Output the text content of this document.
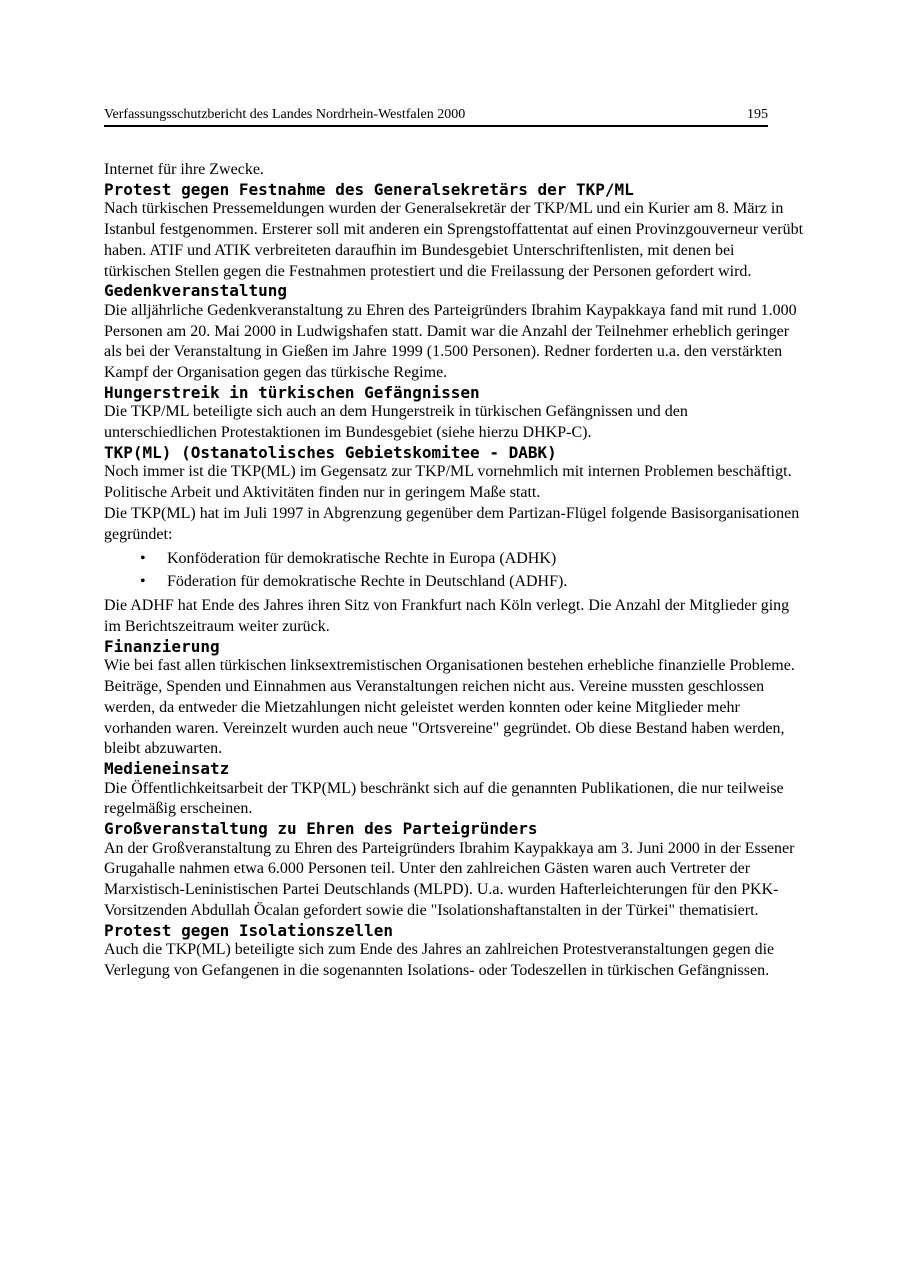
Verfassungsschutzbericht des Landes Nordrhein-Westfalen 2000	195

Internet für ihre Zwecke.

Protest gegen Festnahme des Generalsekretärs der TKP/ML

Nach türkischen Pressemeldungen wurden der Generalsekretär der TKP/ML und ein Kurier am 8. März in Istanbul festgenommen. Ersterer soll mit anderen ein Sprengstoffattentat auf einen Provinzgouverneur verübt haben. ATIF und ATIK verbreiteten daraufhin im Bundesgebiet Unterschriftenlisten, mit denen bei türkischen Stellen gegen die Festnahmen protestiert und die Freilassung der Personen gefordert wird.

Gedenkveranstaltung

Die alljährliche Gedenkveranstaltung zu Ehren des Parteigründers Ibrahim Kaypakkaya fand mit rund 1.000 Personen am 20. Mai 2000 in Ludwigshafen statt. Damit war die Anzahl der Teilnehmer erheblich geringer als bei der Veranstaltung in Gießen im Jahre 1999 (1.500 Personen). Redner forderten u.a. den verstärkten Kampf der Organisation gegen das türkische Regime.

Hungerstreik in türkischen Gefängnissen

Die TKP/ML beteiligte sich auch an dem Hungerstreik in türkischen Gefängnissen und den unterschiedlichen Protestaktionen im Bundesgebiet (siehe hierzu DHKP-C).

TKP(ML) (Ostanatolisches Gebietskomitee - DABK)

Noch immer ist die TKP(ML) im Gegensatz zur TKP/ML vornehmlich mit internen Problemen beschäftigt. Politische Arbeit und Aktivitäten finden nur in geringem Maße statt.

Die TKP(ML) hat im Juli 1997 in Abgrenzung gegenüber dem Partizan-Flügel folgende Basisorganisationen gegründet:

• Konföderation für demokratische Rechte in Europa (ADHK)
• Föderation für demokratische Rechte in Deutschland (ADHF).

Die ADHF hat Ende des Jahres ihren Sitz von Frankfurt nach Köln verlegt. Die Anzahl der Mitglieder ging im Berichtszeitraum weiter zurück.

Finanzierung

Wie bei fast allen türkischen linksextremistischen Organisationen bestehen erhebliche finanzielle Probleme. Beiträge, Spenden und Einnahmen aus Veranstaltungen reichen nicht aus. Vereine mussten geschlossen werden, da entweder die Mietzahlungen nicht geleistet werden konnten oder keine Mitglieder mehr vorhanden waren. Vereinzelt wurden auch neue "Ortsvereine" gegründet. Ob diese Bestand haben werden, bleibt abzuwarten.

Medieneinsatz

Die Öffentlichkeitsarbeit der TKP(ML) beschränkt sich auf die genannten Publikationen, die nur teilweise regelmäßig erscheinen.

Großveranstaltung zu Ehren des Parteigründers

An der Großveranstaltung zu Ehren des Parteigründers Ibrahim Kaypakkaya am 3. Juni 2000 in der Essener Grugahalle nahmen etwa 6.000 Personen teil. Unter den zahlreichen Gästen waren auch Vertreter der Marxistisch-Leninistischen Partei Deutschlands (MLPD). U.a. wurden Hafterleichterungen für den PKK-Vorsitzenden Abdullah Öcalan gefordert sowie die "Isolationshaftanstalten in der Türkei" thematisiert.

Protest gegen Isolationszellen

Auch die TKP(ML) beteiligte sich zum Ende des Jahres an zahlreichen Protestveranstaltungen gegen die Verlegung von Gefangenen in die sogenannten Isolations- oder Todeszellen in türkischen Gefängnissen.
